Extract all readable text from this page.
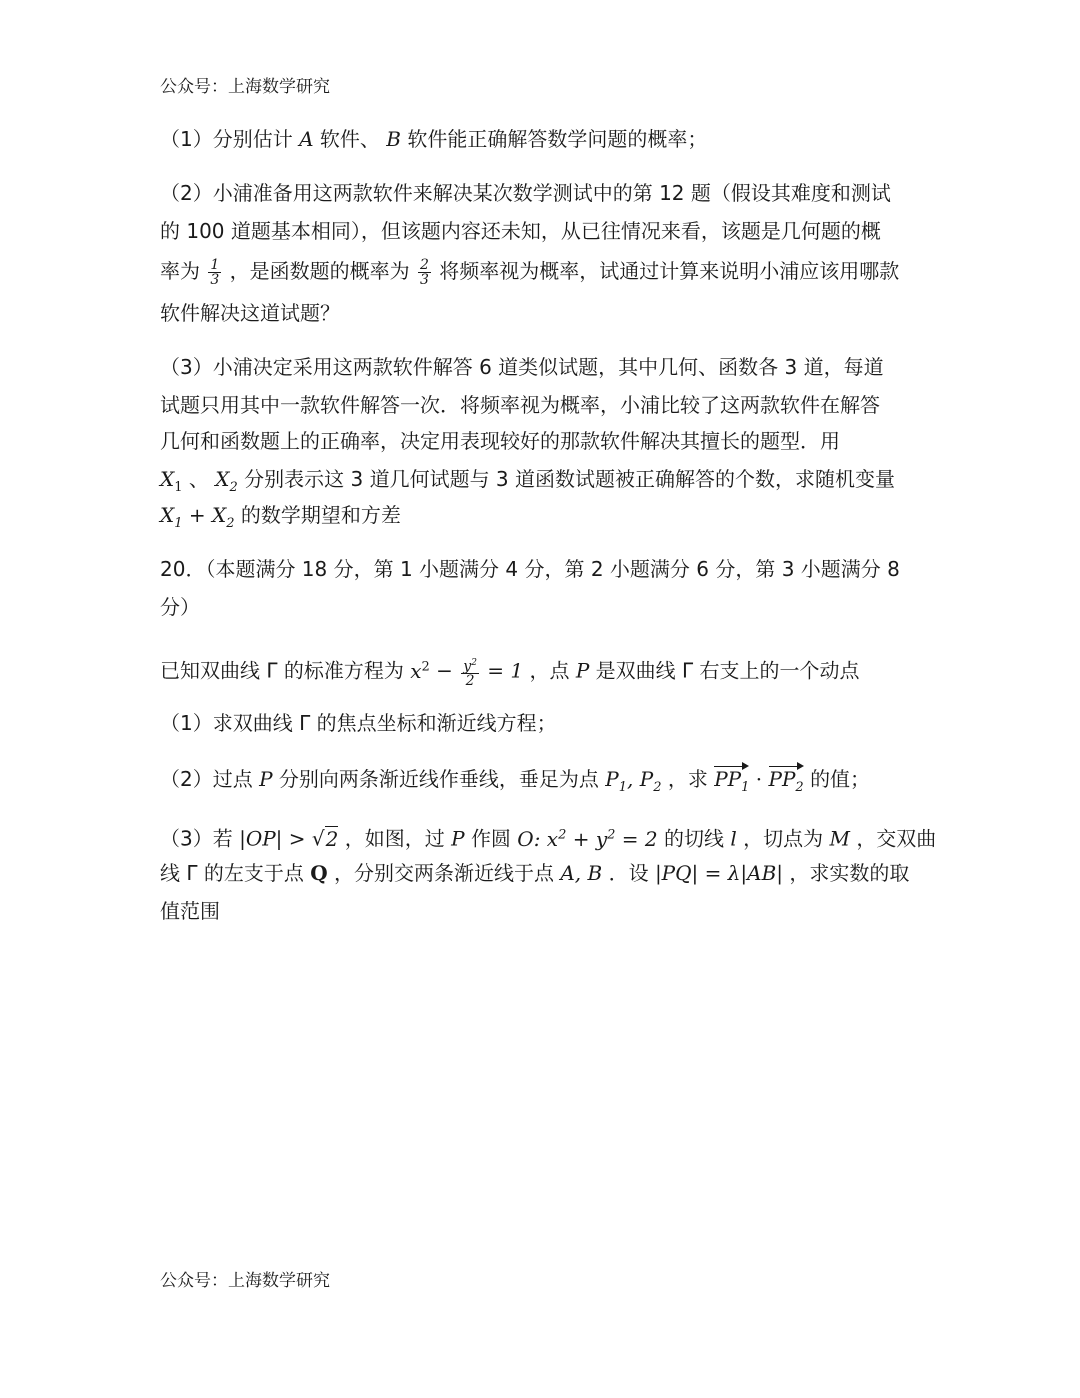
公众号：上海数学研究
（1）分别估计 A 软件、 B 软件能正确解答数学问题的概率；
（2）小浦准备用这两款软件来解决某次数学测试中的第 12 题（假设其难度和测试
的 100 道题基本相同），但该题内容还未知，从已往情况来看，该题是几何题的概
率为 $\frac{1}{3}$ ，是函数题的概率为 $\frac{2}{3}$ 将频率视为概率，试通过计算来说明小浦应该用哪款
软件解决这道试题？
（3）小浦决定采用这两款软件解答 6 道类似试题，其中几何、函数各 3 道，每道
试题只用其中一款软件解答一次．将频率视为概率，小浦比较了这两款软件在解答
几何和函数题上的正确率，决定用表现较好的那款软件解决其擅长的题型．用
$X_1$ 、 $X_2$ 分别表示这 3 道几何试题与 3 道函数试题被正确解答的个数，求随机变量
$X_1 + X_2$ 的数学期望和方差
20．（本题满分 18 分，第 1 小题满分 4 分，第 2 小题满分 6 分，第 3 小题满分 8
分）
已知双曲线 Γ 的标准方程为 $x^2 - \frac{y^2}{2} = 1$ ，点 P 是双曲线 Γ 右支上的一个动点
（1）求双曲线 Γ 的焦点坐标和渐近线方程；
（2）过点 P 分别向两条渐近线作垂线，垂足为点 $P_1$, $P_2$ ，求 $PP_1 \cdot PP_2$ 的值；
（3）若 |OP| > √2 ，如图，过 P 作圆 O: $x^2 + y^2 = 2$ 的切线 l ，切点为 M ，交双曲
线 Γ 的左支于点 Q ，分别交两条渐近线于点 A, B ．设 |PQ| = λ|AB| ，求实数的取
值范围
公众号：上海数学研究
